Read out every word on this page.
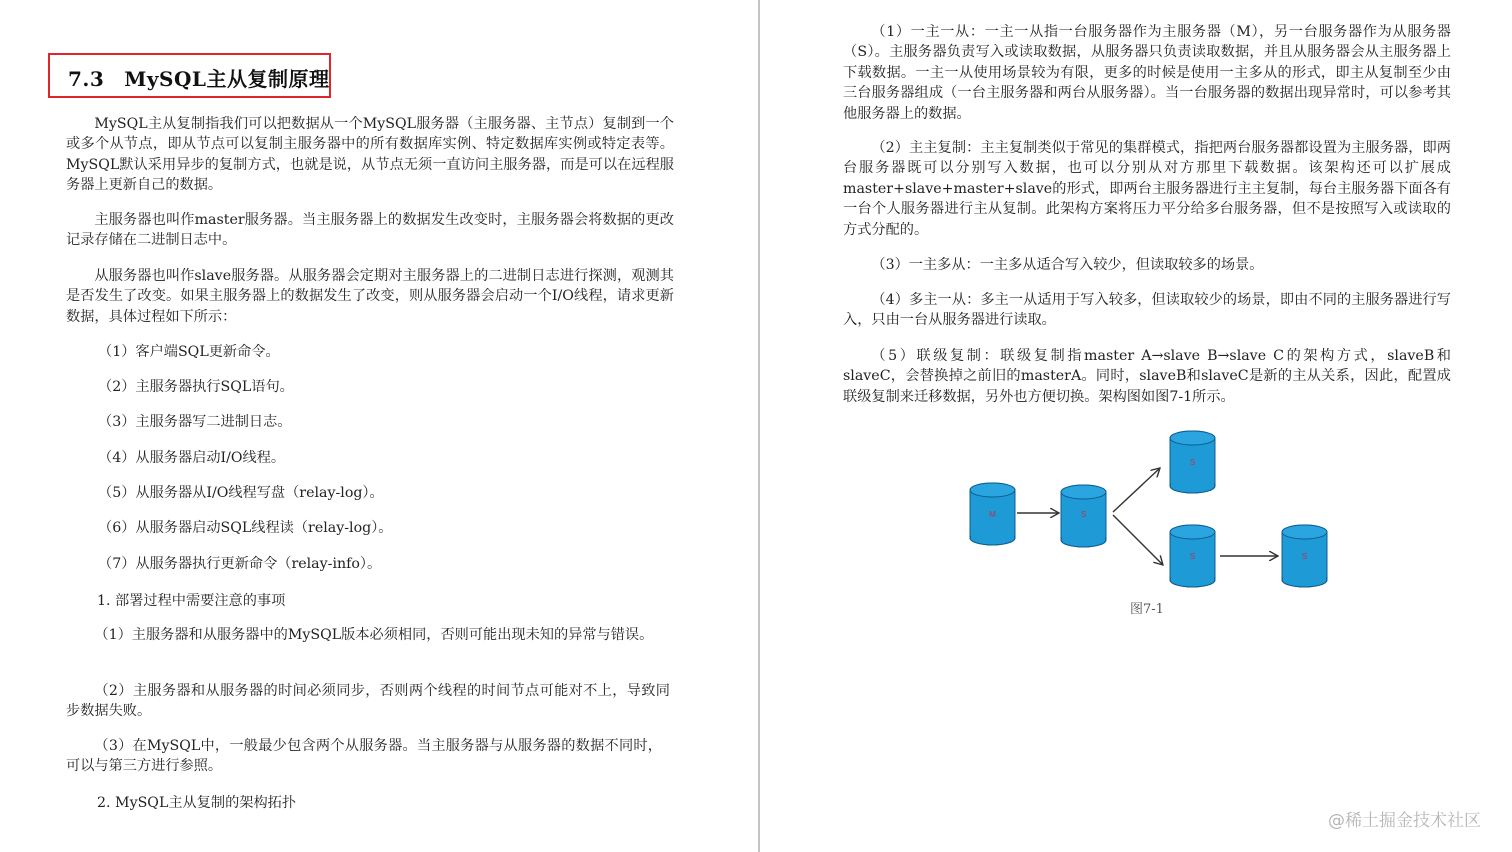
7.3 MySQL主从复制原理
MySQL主从复制指我们可以把数据从一个MySQL服务器（主服务器、主节点）复制到一个或多个从节点，即从节点可以复制主服务器中的所有数据库实例、特定数据库实例或特定表等。MySQL默认采用异步的复制方式，也就是说，从节点无须一直访问主服务器，而是可以在远程服务器上更新自己的数据。
主服务器也叫作master服务器。当主服务器上的数据发生改变时，主服务器会将数据的更改记录存储在二进制日志中。
从服务器也叫作slave服务器。从服务器会定期对主服务器上的二进制日志进行探测，观测其是否发生了改变。如果主服务器上的数据发生了改变，则从服务器会启动一个I/O线程，请求更新数据，具体过程如下所示：
（1）客户端SQL更新命令。
（2）主服务器执行SQL语句。
（3）主服务器写二进制日志。
（4）从服务器启动I/O线程。
（5）从服务器从I/O线程写盘（relay-log）。
（6）从服务器启动SQL线程读（relay-log）。
（7）从服务器执行更新命令（relay-info）。
1. 部署过程中需要注意的事项
（1）主服务器和从服务器中的MySQL版本必须相同，否则可能出现未知的异常与错误。
（2）主服务器和从服务器的时间必须同步，否则两个线程的时间节点可能对不上，导致同步数据失败。
（3）在MySQL中，一般最少包含两个从服务器。当主服务器与从服务器的数据不同时，可以与第三方进行参照。
2. MySQL主从复制的架构拓扑
（1）一主一从：一主一从指一台服务器作为主服务器（M），另一台服务器作为从服务器（S）。主服务器负责写入或读取数据，从服务器只负责读取数据，并且从服务器会从主服务器上下载数据。一主一从使用场景较为有限，更多的时候是使用一主多从的形式，即主从复制至少由三台服务器组成（一台主服务器和两台从服务器）。当一台服务器的数据出现异常时，可以参考其他服务器上的数据。
（2）主主复制：主主复制类似于常见的集群模式，指把两台服务器都设置为主服务器，即两台服务器既可以分别写入数据，也可以分别从对方那里下载数据。该架构还可以扩展成master+slave+master+slave的形式，即两台主服务器进行主主复制，每台主服务器下面各有一台个人服务器进行主从复制。此架构方案将压力平分给多台服务器，但不是按照写入或读取的方式分配的。
（3）一主多从：一主多从适合写入较少，但读取较多的场景。
（4）多主一从：多主一从适用于写入较多，但读取较少的场景，即由不同的主服务器进行写入，只由一台从服务器进行读取。
（5）联级复制：联级复制指master A→slave B→slave C的架构方式，slaveB和slaveC，会替换掉之前旧的masterA。同时，slaveB和slaveC是新的主从关系，因此，配置成联级复制来迁移数据，另外也方便切换。架构图如图7-1所示。
M	S
S
S	S
图7-1
@稀土掘金技术社区
